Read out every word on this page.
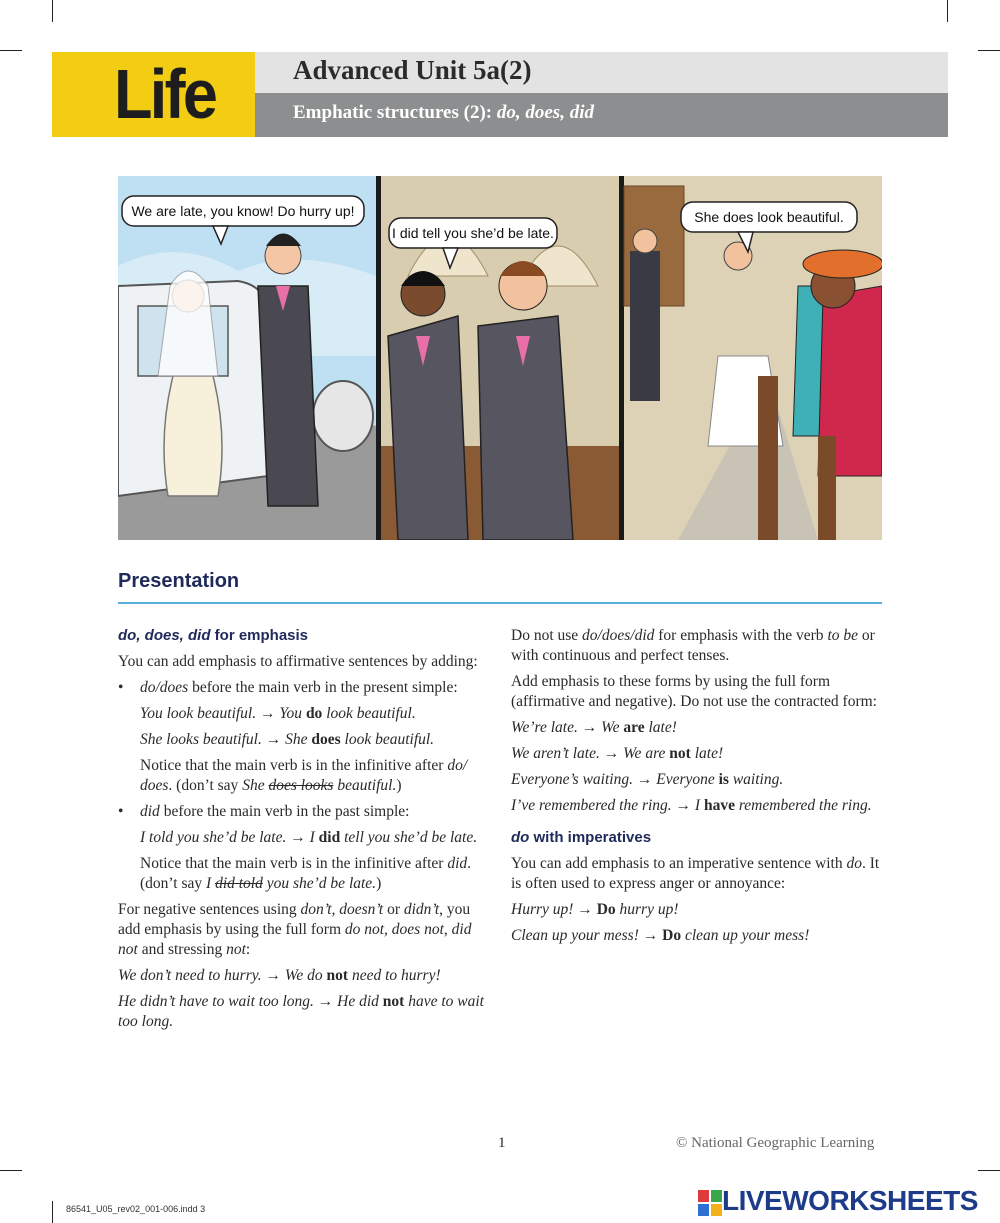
Life	Advanced Unit 5a(2)
Emphatic structures (2): do, does, did
We are late, you know! Do hurry up!
I did tell you she’d be late.
She does look beautiful.
Presentation
do, does, did for emphasis
You can add emphasis to affirmative sentences by adding:
• do/does before the main verb in the present simple:
You look beautiful. → You do look beautiful.
She looks beautiful. → She does look beautiful.
Notice that the main verb is in the infinitive after do/ does. (don’t say She does looks beautiful.)
• did before the main verb in the past simple:
I told you she’d be late. → I did tell you she’d be late.
Notice that the main verb is in the infinitive after did. (don’t say I did told you she’d be late.)
For negative sentences using don’t, doesn’t or didn’t, you add emphasis by using the full form do not, does not, did not and stressing not:
We don’t need to hurry. → We do not need to hurry!
He didn’t have to wait too long. → He did not have to wait too long.
Do not use do/does/did for emphasis with the verb to be or with continuous and perfect tenses.
Add emphasis to these forms by using the full form (affirmative and negative). Do not use the contracted form:
We’re late. → We are late!
We aren’t late. → We are not late!
Everyone’s waiting. → Everyone is waiting.
I’ve remembered the ring. → I have remembered the ring.
do with imperatives
You can add emphasis to an imperative sentence with do. It is often used to express anger or annoyance:
Hurry up! → Do hurry up!
Clean up your mess! → Do clean up your mess!
1	© National Geographic Learning
86541_U05_rev02_001-006.indd 3	LIVEWORKSHEETS
